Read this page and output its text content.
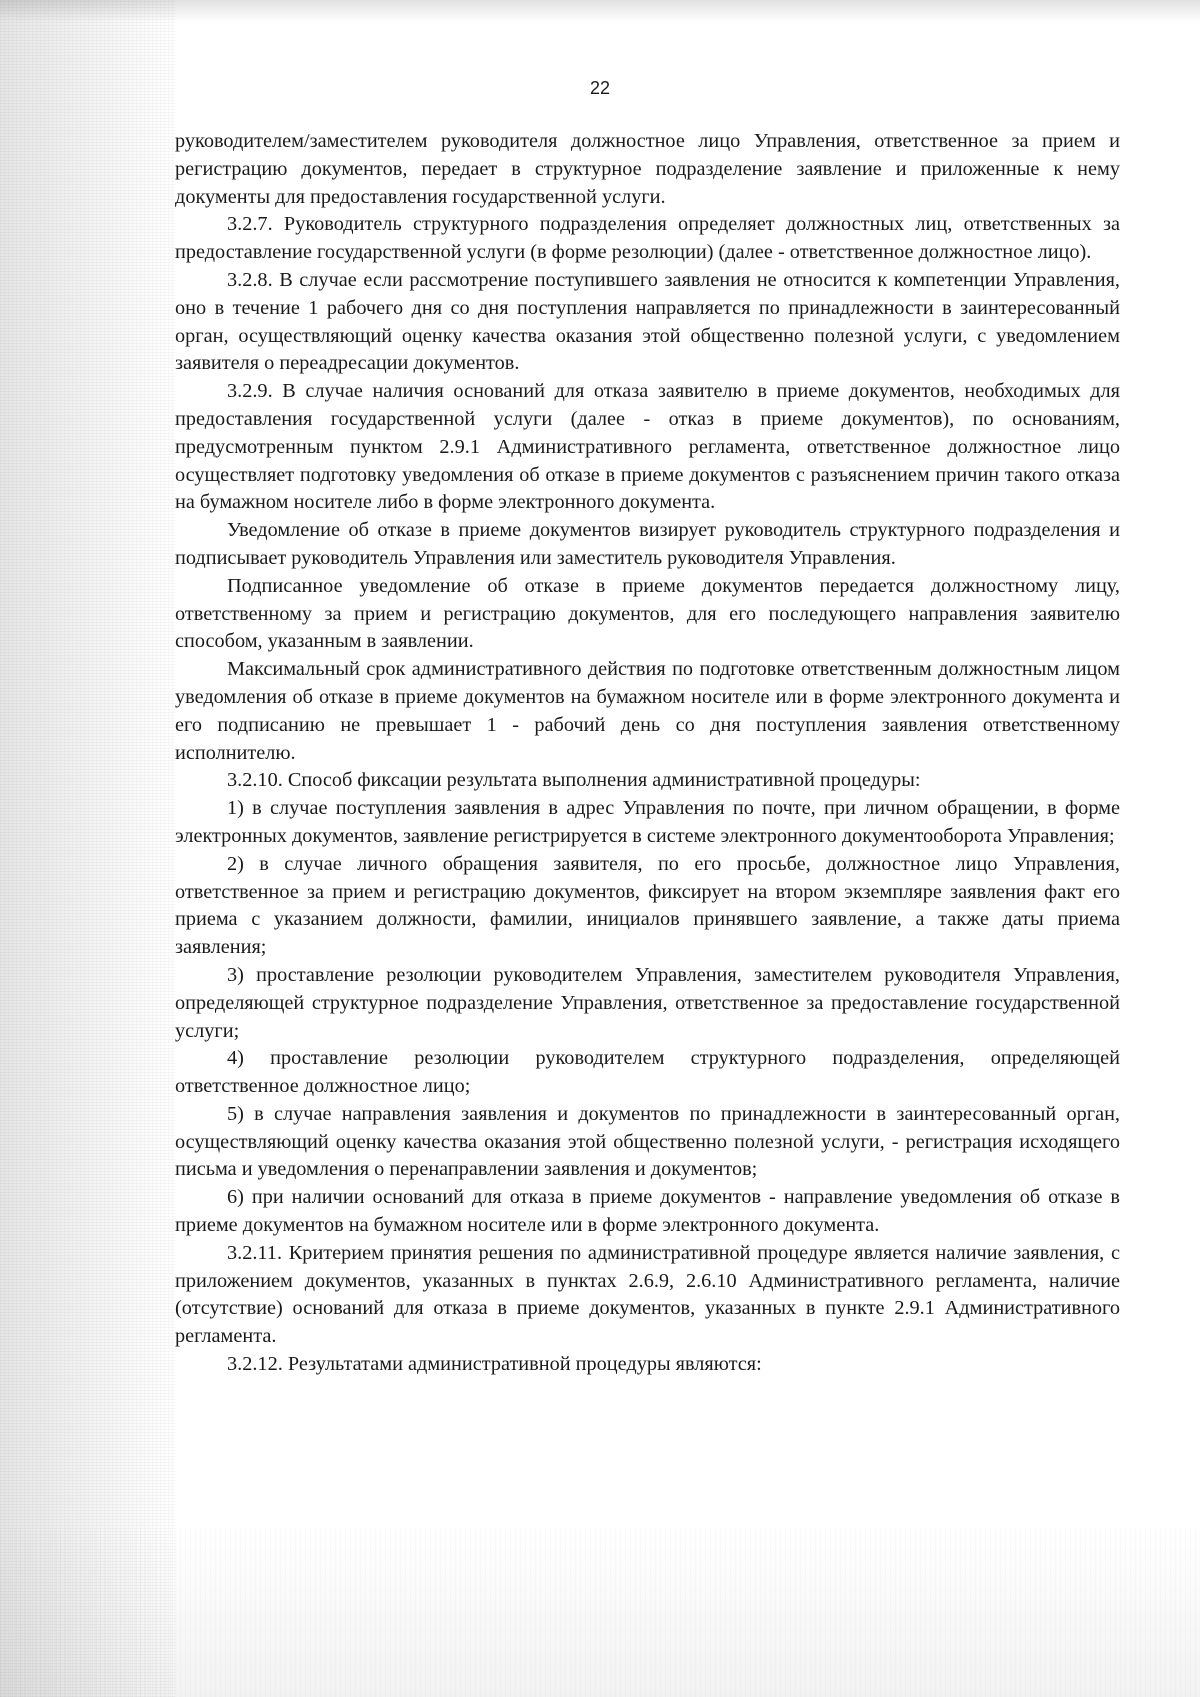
22

руководителем/заместителем руководителя должностное лицо Управления, ответственное за прием и регистрацию документов, передает в структурное подразделение заявление и приложенные к нему документы для предоставления государственной услуги.

3.2.7. Руководитель структурного подразделения определяет должностных лиц, ответственных за предоставление государственной услуги (в форме резолюции) (далее - ответственное должностное лицо).

3.2.8. В случае если рассмотрение поступившего заявления не относится к компетенции Управления, оно в течение 1 рабочего дня со дня поступления направляется по принадлежности в заинтересованный орган, осуществляющий оценку качества оказания этой общественно полезной услуги, с уведомлением заявителя о переадресации документов.

3.2.9. В случае наличия оснований для отказа заявителю в приеме документов, необходимых для предоставления государственной услуги (далее - отказ в приеме документов), по основаниям, предусмотренным пунктом 2.9.1 Административного регламента, ответственное должностное лицо осуществляет подготовку уведомления об отказе в приеме документов с разъяснением причин такого отказа на бумажном носителе либо в форме электронного документа.

Уведомление об отказе в приеме документов визирует руководитель структурного подразделения и подписывает руководитель Управления или заместитель руководителя Управления.

Подписанное уведомление об отказе в приеме документов передается должностному лицу, ответственному за прием и регистрацию документов, для его последующего направления заявителю способом, указанным в заявлении.

Максимальный срок административного действия по подготовке ответственным должностным лицом уведомления об отказе в приеме документов на бумажном носителе или в форме электронного документа и его подписанию не превышает 1 - рабочий день со дня поступления заявления ответственному исполнителю.

3.2.10. Способ фиксации результата выполнения административной процедуры:

1) в случае поступления заявления в адрес Управления по почте, при личном обращении, в форме электронных документов, заявление регистрируется в системе электронного документооборота Управления;

2) в случае личного обращения заявителя, по его просьбе, должностное лицо Управления, ответственное за прием и регистрацию документов, фиксирует на втором экземпляре заявления факт его приема с указанием должности, фамилии, инициалов принявшего заявление, а также даты приема заявления;

3) проставление резолюции руководителем Управления, заместителем руководителя Управления, определяющей структурное подразделение Управления, ответственное за предоставление государственной услуги;

4) проставление резолюции руководителем структурного подразделения, определяющей ответственное должностное лицо;

5) в случае направления заявления и документов по принадлежности в заинтересованный орган, осуществляющий оценку качества оказания этой общественно полезной услуги, - регистрация исходящего письма и уведомления о перенаправлении заявления и документов;

6) при наличии оснований для отказа в приеме документов - направление уведомления об отказе в приеме документов на бумажном носителе или в форме электронного документа.

3.2.11. Критерием принятия решения по административной процедуре является наличие заявления, с приложением документов, указанных в пунктах 2.6.9, 2.6.10 Административного регламента, наличие (отсутствие) оснований для отказа в приеме документов, указанных в пункте 2.9.1 Административного регламента.

3.2.12. Результатами административной процедуры являются:
